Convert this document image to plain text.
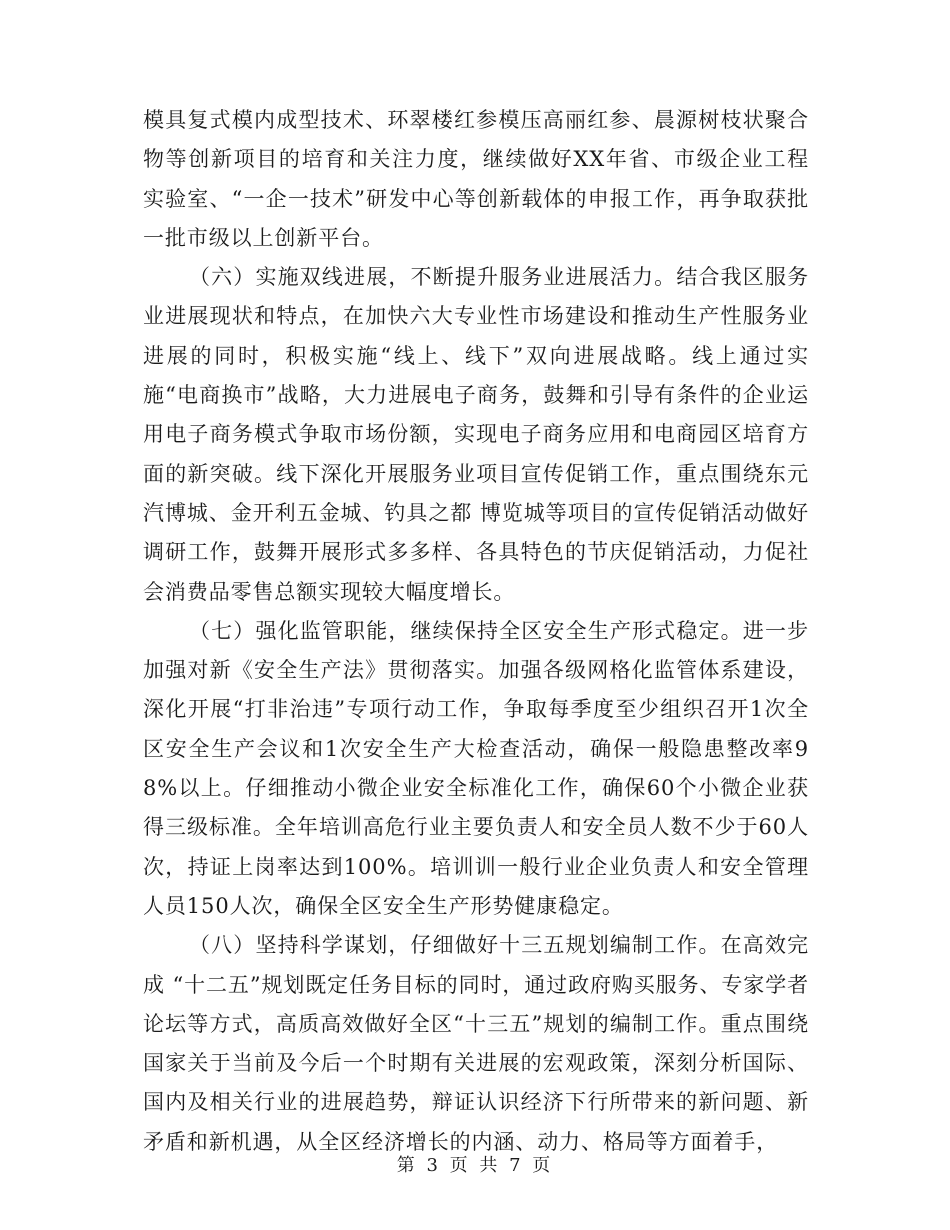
模具复式模内成型技术、环翠楼红参模压高丽红参、晨源树枝状聚合物等创新项目的培育和关注力度，继续做好XX年省、市级企业工程实验室、“一企一技术”研发中心等创新载体的申报工作，再争取获批一批市级以上创新平台。

（六）实施双线进展，不断提升服务业进展活力。结合我区服务业进展现状和特点，在加快六大专业性市场建设和推动生产性服务业进展的同时，积极实施“线上、线下”双向进展战略。线上通过实施“电商换市”战略，大力进展电子商务，鼓舞和引导有条件的企业运用电子商务模式争取市场份额，实现电子商务应用和电商园区培育方面的新突破。线下深化开展服务业项目宣传促销工作，重点围绕东元汽博城、金开利五金城、钓具之都 博览城等项目的宣传促销活动做好调研工作，鼓舞开展形式多多样、各具特色的节庆促销活动，力促社会消费品零售总额实现较大幅度增长。

（七）强化监管职能，继续保持全区安全生产形式稳定。进一步加强对新《安全生产法》贯彻落实。加强各级网格化监管体系建设，深化开展“打非治违”专项行动工作，争取每季度至少组织召开1次全区安全生产会议和1次安全生产大检查活动，确保一般隐患整改率98%以上。仔细推动小微企业安全标准化工作，确保60个小微企业获得三级标准。全年培训高危行业主要负责人和安全员人数不少于60人次，持证上岗率达到100%。培训训一般行业企业负责人和安全管理人员150人次，确保全区安全生产形势健康稳定。

（八）坚持科学谋划，仔细做好十三五规划编制工作。在高效完成 “十二五”规划既定任务目标的同时，通过政府购买服务、专家学者论坛等方式，高质高效做好全区“十三五”规划的编制工作。重点围绕国家关于当前及今后一个时期有关进展的宏观政策，深刻分析国际、国内及相关行业的进展趋势，辩证认识经济下行所带来的新问题、新矛盾和新机遇，从全区经济增长的内涵、动力、格局等方面着手，

第 3 页 共 7 页
